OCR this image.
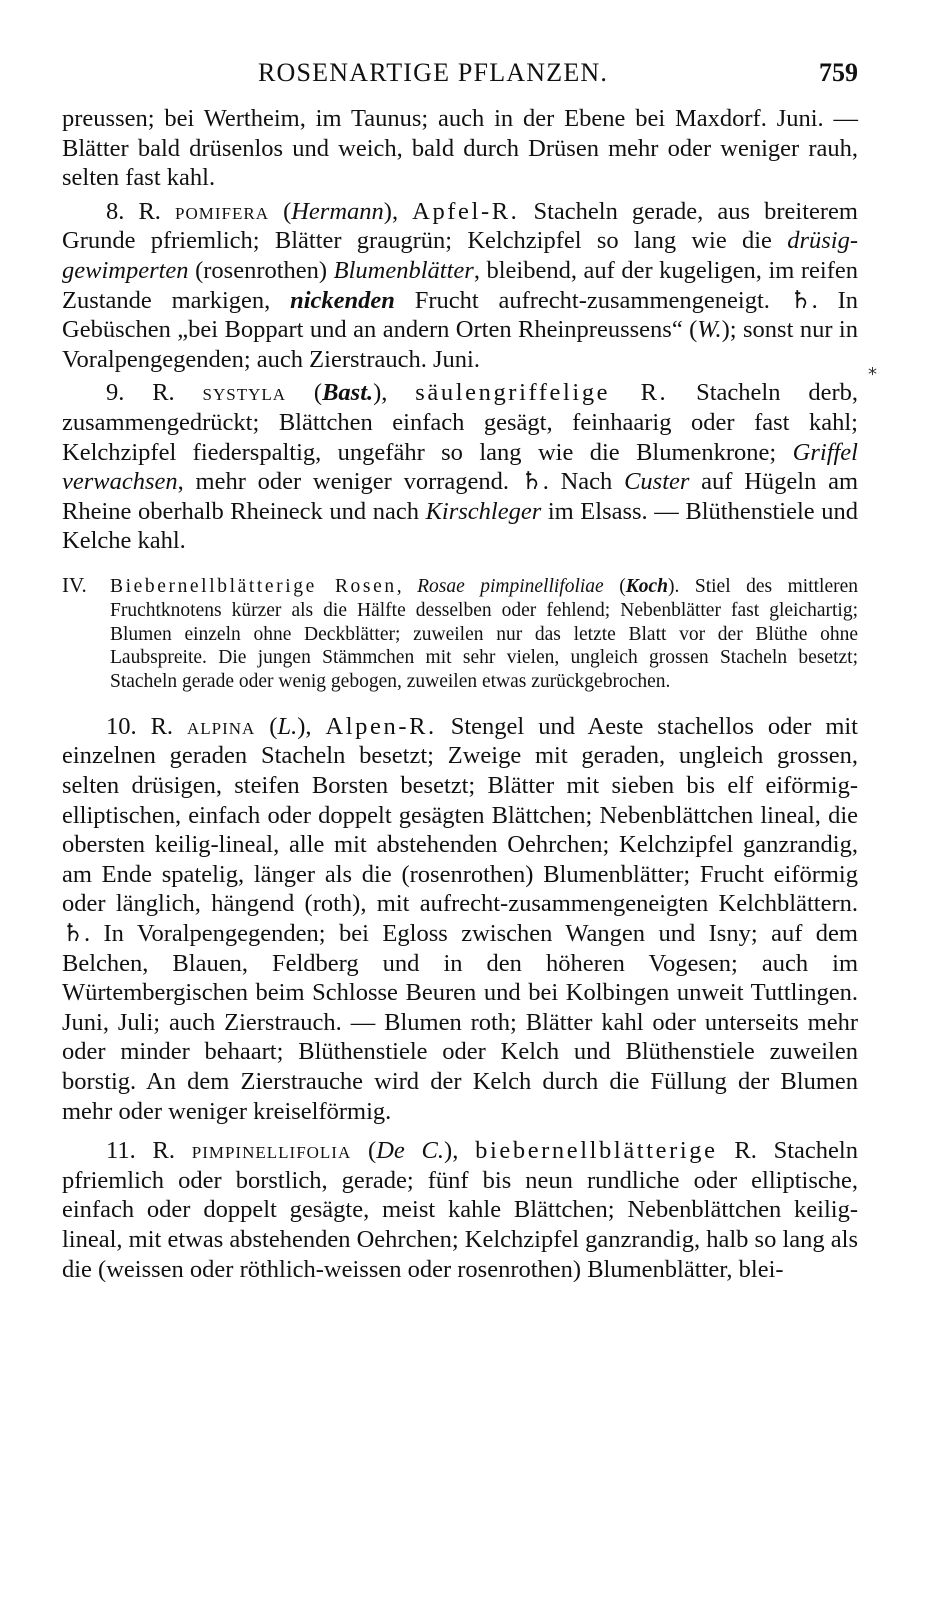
ROSENARTIGE PFLANZEN.	759

preussen; bei Wertheim, im Taunus; auch in der Ebene bei Maxdorf. Juni. — Blätter bald drüsenlos und weich, bald durch Drüsen mehr oder weniger rauh, selten fast kahl.

8. R. pomifera (Hermann), Apfel-R. Stacheln gerade, aus breiterem Grunde pfriemlich; Blätter graugrün; Kelchzipfel so lang wie die drüsig-gewimperten (rosenrothen) Blumenblätter, bleibend, auf der kugeligen, im reifen Zustande markigen, nickenden Frucht aufrecht-zusammengeneigt. ♄. In Gebüschen „bei Boppart und an andern Orten Rheinpreussens“ (W.); sonst nur in Voralpengegenden; auch Zierstrauch. Juni.

9. R. systyla (Bast.), säulengriffelige R. Stacheln derb, zusammengedrückt; Blättchen einfach gesägt, feinhaarig oder fast kahl; Kelchzipfel fiederspaltig, ungefähr so lang wie die Blumenkrone; Griffel verwachsen, mehr oder weniger vorragend. ♄. Nach Custer auf Hügeln am Rheine oberhalb Rheineck und nach Kirschleger im Elsass. — Blüthenstiele und Kelche kahl.

IV. Biebernellblätterige Rosen, Rosae pimpinellifoliae (Koch). Stiel des mittleren Fruchtknotens kürzer als die Hälfte desselben oder fehlend; Nebenblätter fast gleichartig; Blumen einzeln ohne Deckblätter; zuweilen nur das letzte Blatt vor der Blüthe ohne Laubspreite. Die jungen Stämmchen mit sehr vielen, ungleich grossen Stacheln besetzt; Stacheln gerade oder wenig gebogen, zuweilen etwas zurückgebrochen.

10. R. alpina (L.), Alpen-R. Stengel und Aeste stachellos oder mit einzelnen geraden Stacheln besetzt; Zweige mit geraden, ungleich grossen, selten drüsigen, steifen Borsten besetzt; Blätter mit sieben bis elf eiförmig-elliptischen, einfach oder doppelt gesägten Blättchen; Nebenblättchen lineal, die obersten keilig-lineal, alle mit abstehenden Oehrchen; Kelchzipfel ganzrandig, am Ende spatelig, länger als die (rosenrothen) Blumenblätter; Frucht eiförmig oder länglich, hängend (roth), mit aufrecht-zusammengeneigten Kelchblättern. ♄. In Voralpengegenden; bei Egloss zwischen Wangen und Isny; auf dem Belchen, Blauen, Feldberg und in den höheren Vogesen; auch im Würtembergischen beim Schlosse Beuren und bei Kolbingen unweit Tuttlingen. Juni, Juli; auch Zierstrauch. — Blumen roth; Blätter kahl oder unterseits mehr oder minder behaart; Blüthenstiele oder Kelch und Blüthenstiele zuweilen borstig. An dem Zierstrauche wird der Kelch durch die Füllung der Blumen mehr oder weniger kreiselförmig.

11. R. pimpinellifolia (De C.), biebernellblätterige R. Stacheln pfriemlich oder borstlich, gerade; fünf bis neun rundliche oder elliptische, einfach oder doppelt gesägte, meist kahle Blättchen; Nebenblättchen keilig-lineal, mit etwas abstehenden Oehrchen; Kelchzipfel ganzrandig, halb so lang als die (weissen oder röthlich-weissen oder rosenrothen) Blumenblätter, blei-

*
